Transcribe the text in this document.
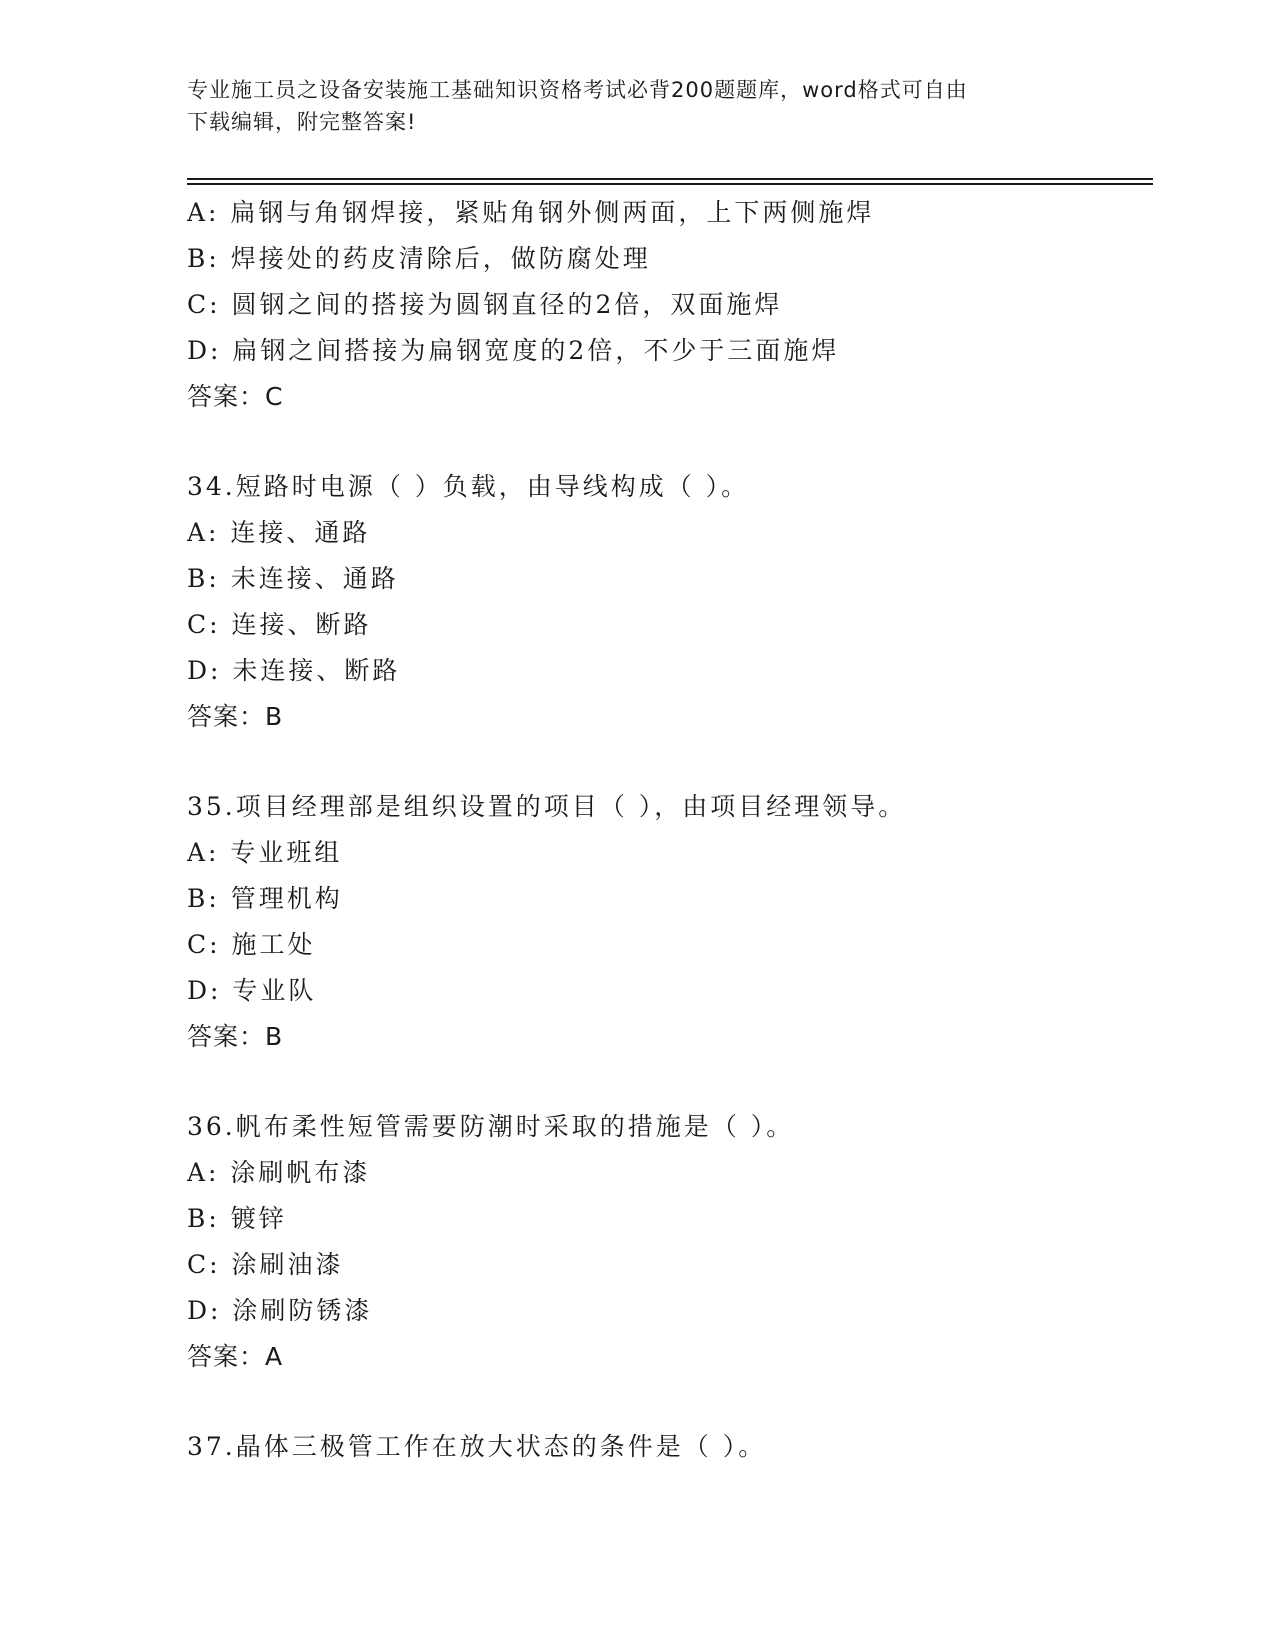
专业施工员之设备安装施工基础知识资格考试必背200题题库，word格式可自由
下载编辑，附完整答案!
A: 扁钢与角钢焊接，紧贴角钢外侧两面，上下两侧施焊
B: 焊接处的药皮清除后，做防腐处理
C: 圆钢之间的搭接为圆钢直径的2倍，双面施焊
D: 扁钢之间搭接为扁钢宽度的2倍，不少于三面施焊
答案：C
34.短路时电源（ ）负载，由导线构成（ ）。
A: 连接、通路
B: 未连接、通路
C: 连接、断路
D: 未连接、断路
答案：B
35.项目经理部是组织设置的项目（ ），由项目经理领导。
A: 专业班组
B: 管理机构
C: 施工处
D: 专业队
答案：B
36.帆布柔性短管需要防潮时采取的措施是（ ）。
A: 涂刷帆布漆
B: 镀锌
C: 涂刷油漆
D: 涂刷防锈漆
答案：A
37.晶体三极管工作在放大状态的条件是（ ）。
